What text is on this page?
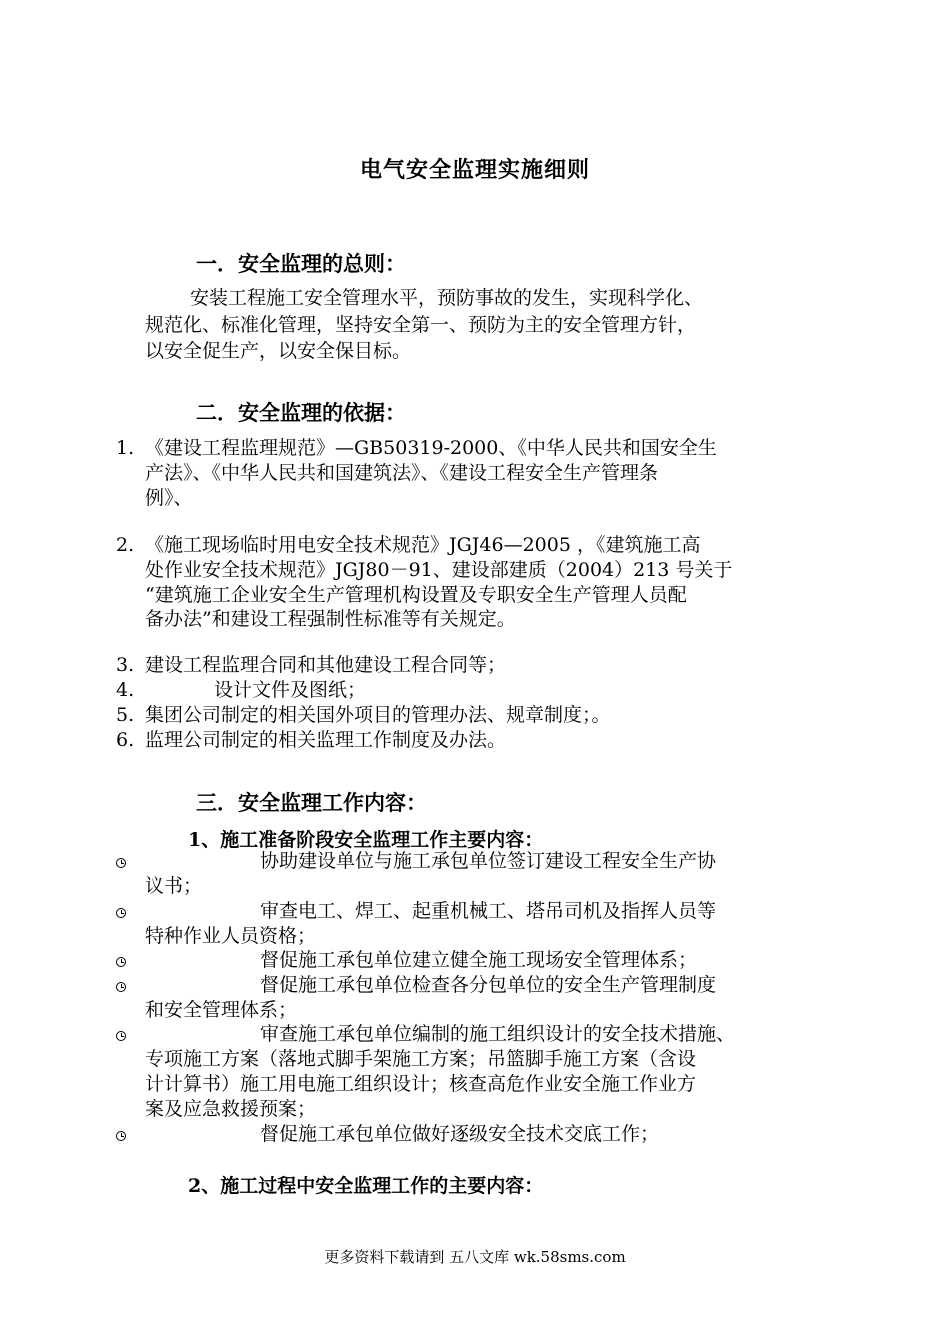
电气安全监理实施细则
一．安全监理的总则：
安装工程施工安全管理水平，预防事故的发生，实现科学化、
规范化、标准化管理，坚持安全第一、预防为主的安全管理方针，
以安全促生产，以安全保目标。
二．安全监理的依据：
1. 《建设工程监理规范》—GB50319-2000、《中华人民共和国安全生
产法》、《中华人民共和国建筑法》、《建设工程安全生产管理条
例》、
2. 《施工现场临时用电安全技术规范》JGJ46—2005 ，《建筑施工高
处作业安全技术规范》JGJ80－91、建设部建质（2004）213 号关于
“建筑施工企业安全生产管理机构设置及专职安全生产管理人员配
备办法”和建设工程强制性标准等有关规定。
3. 建设工程监理合同和其他建设工程合同等；
4.	设计文件及图纸；
5. 集团公司制定的相关国外项目的管理办法、规章制度；。
6. 监理公司制定的相关监理工作制度及办法。
三．安全监理工作内容：
1、施工准备阶段安全监理工作主要内容：
协助建设单位与施工承包单位签订建设工程安全生产协
议书；
审查电工、焊工、起重机械工、塔吊司机及指挥人员等
特种作业人员资格；
督促施工承包单位建立健全施工现场安全管理体系；
督促施工承包单位检查各分包单位的安全生产管理制度
和安全管理体系；
审查施工承包单位编制的施工组织设计的安全技术措施、
专项施工方案（落地式脚手架施工方案；吊篮脚手施工方案（含设
计计算书）施工用电施工组织设计；核查高危作业安全施工作业方
案及应急救援预案；
督促施工承包单位做好逐级安全技术交底工作；
2、施工过程中安全监理工作的主要内容：
更多资料下载请到 五八文库 wk.58sms.com
